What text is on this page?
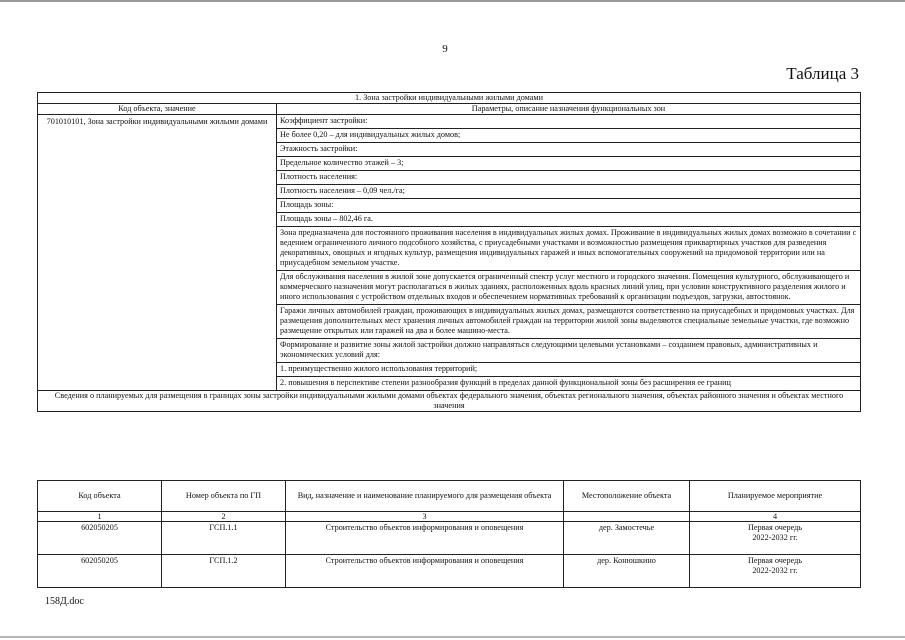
9
Таблица 3
1. Зона застройки индивидуальными жилыми домами	
Код объекта, значение	Параметры, описание назначения функциональных зон
701010101, Зона застройки индивидуальными жилыми домами	Коэффициент застройки:
	Не более 0,20 – для индивидуальных жилых домов;
	Этажность застройки:
	Предельное количество этажей – 3;
	Плотность населения:
	Плотность населения – 0,09 чел./га;
	Площадь зоны:
	Площадь зоны – 802,46 га.
	Зона предназначена для постоянного проживания населения в индивидуальных жилых домах. Проживание в индивидуальных жилых домах возможно в сочетании с ведением ограниченного личного подсобного хозяйства, с приусадебными участками и возможностью размещения приквартирных участков для разведения декоративных, овощных и ягодных культур, размещения индивидуальных гаражей и иных вспомогательных сооружений на придомовой территории или на приусадебном земельном участке.
	Для обслуживания населения в жилой зоне допускается ограниченный спектр услуг местного и городского значения. Помещения культурного, обслуживающего и коммерческого назначения могут располагаться в жилых зданиях, расположенных вдоль красных линий улиц, при условии конструктивного разделения жилого и иного использования с устройством отдельных входов и обеспечением нормативных требований к организации подъездов, загрузки, автостоянок.
	Гаражи личных автомобилей граждан, проживающих в индивидуальных жилых домах, размещаются соответственно на приусадебных и придомовых участках. Для размещения дополнительных мест хранения личных автомобилей граждан на территории жилой зоны выделяются специальные земельные участки, где возможно размещение открытых или гаражей на два и более машино-места.
	Формирование и развитие зоны жилой застройки должно направляться следующими целевыми установками – созданием правовых, административных и экономических условий для:
	1. преимущественно жилого использования территорий;
	2. повышения в перспективе степени разнообразия функций в пределах данной функциональной зоны без расширения ее границ
Сведения о планируемых для размещения в границах зоны застройки индивидуальными жилыми домами объектах федерального значения, объектах регионального значения, объектах районного значения и объектах местного значения	
Код объекта	Номер объекта по ГП	Вид, назначение и наименование планируемого для размещения объекта	Местоположение объекта	Планируемое мероприятие
1	2	3		4
602050205	ГСП.1.1	Строительство объектов информирования и оповещения	дер. Замостечье	Первая очередь
2022-2032 гг.

602050205	ГСП.1.2	Строительство объектов информирования и оповещения	дер. Конюшкино	Первая очередь
2022-2032 гг.
158Д.doc
